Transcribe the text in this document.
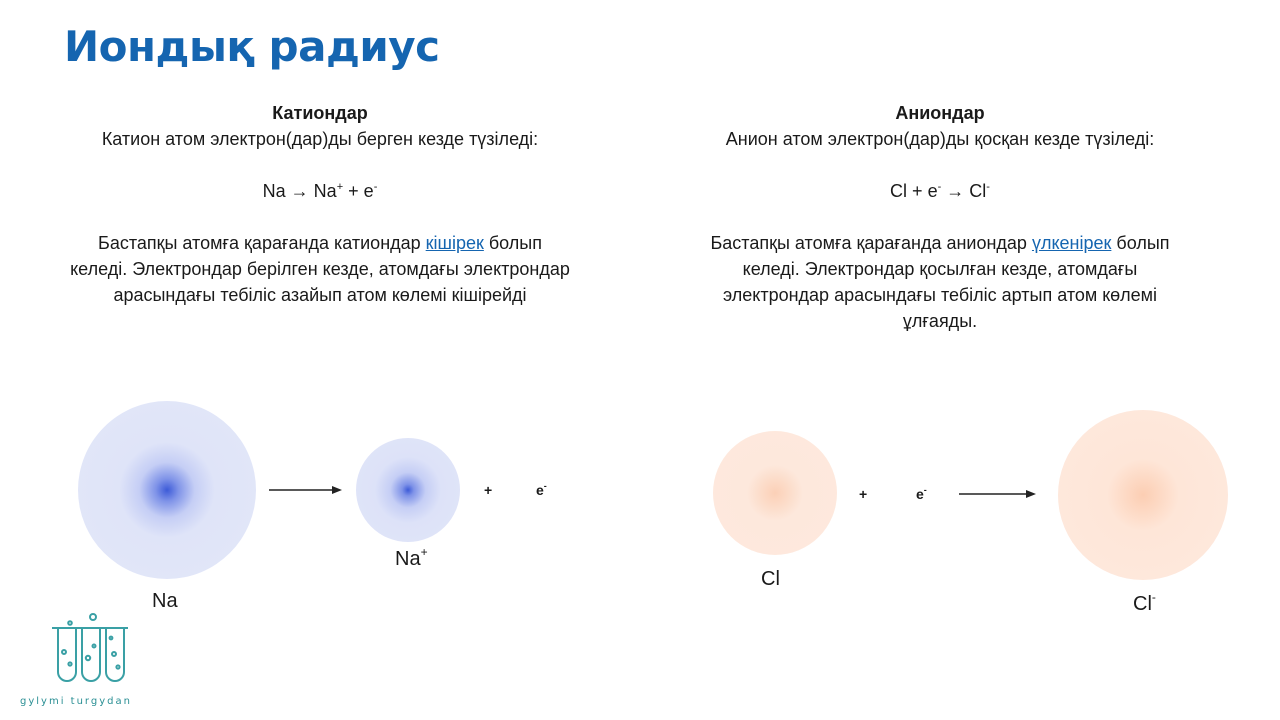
Иондық радиус

Катиондар

Катион атом электрон(дар)ды берген кезде түзіледі:

Na → Na+ + e-

Бастапқы атомға қарағанда катиондар кішірек болып келеді. Электрондар берілген кезде, атомдағы электрондар арасындағы тебіліс азайып атом көлемі кішірейді

Аниондар

Анион атом электрон(дар)ды қосқан кезде түзіледі:

Cl + e- → Cl-

Бастапқы атомға қарағанда аниондар үлкенірек болып келеді. Электрондар қосылған кезде, атомдағы электрондар арасындағы тебіліс артып атом көлемі ұлғаяды.

+	e-
Na
Na+
+	e-
Cl
Cl-
gylymi turgydan
